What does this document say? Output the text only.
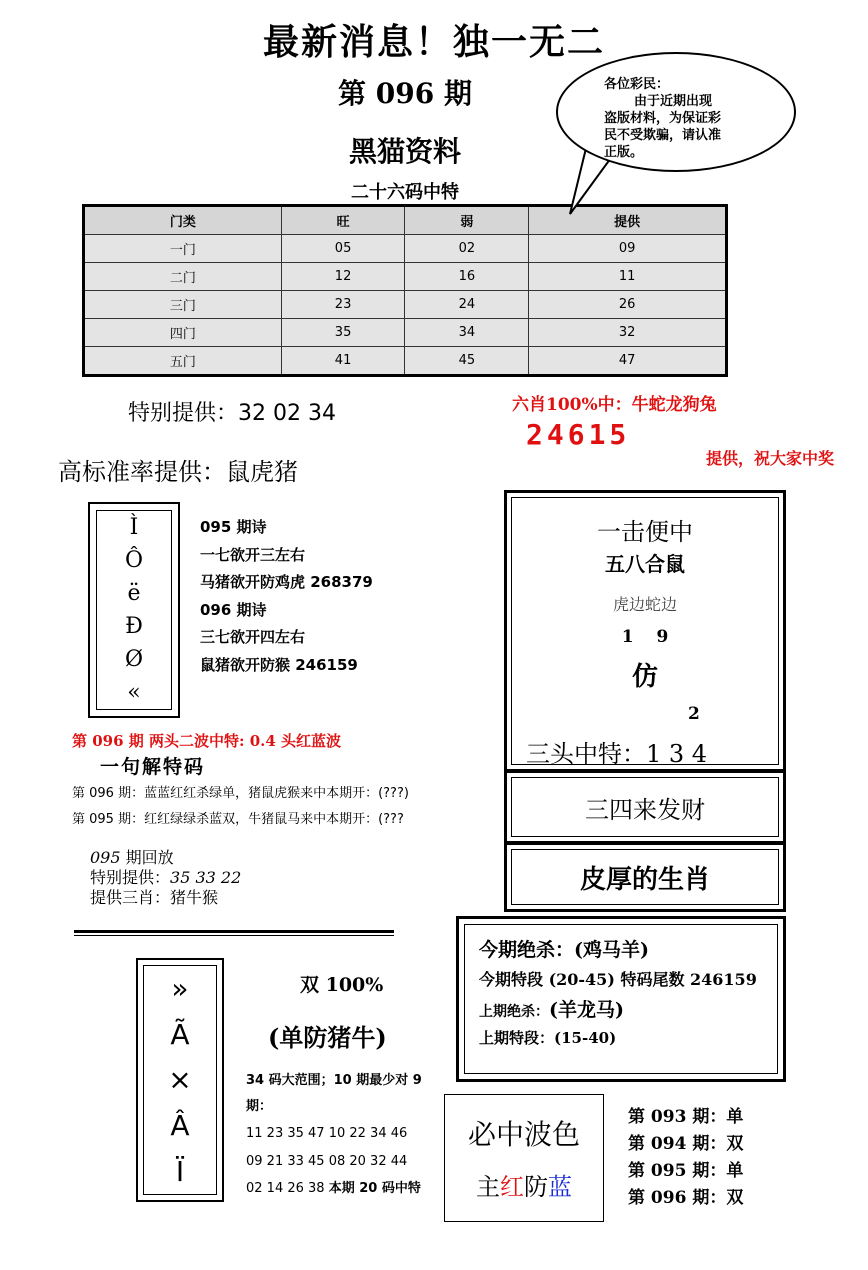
最新消息！独一无二
第 096 期
黑猫资料
二十六码中特
各位彩民：
由于近期出现
盗版材料，为保证彩
民不受欺骗，请认准
正版。
门类	旺	弱	提供
一门	05	02	09
二门	12	16	11
三门	23	24	26
四门	35	34	32
五门	41	45	47
特别提供：32 02 34	六肖100%中：牛蛇龙狗兔
24615
提供，祝大家中奖
高标准率提供：鼠虎猪
Ì
Ô
ë
Ð
Ø
«
095 期诗
一七欲开三左右
马猪欲开防鸡虎 268379
096 期诗
三七欲开四左右
鼠猪欲开防猴 246159
一击便中
五八合鼠
虎边蛇边
1　 9
仿
2
三头中特：1 3 4
三四来发财
皮厚的生肖
今期绝杀：(鸡马羊)
今期特段 (20-45) 特码尾数 246159
上期绝杀：(羊龙马)
上期特段：(15-40)
第 096 期 两头二波中特: 0.4 头红蓝波
一句解特码
第 096 期：蓝蓝红红杀绿单，猪鼠虎猴来中本期开：(???)
第 095 期：红红绿绿杀蓝双，牛猪鼠马来中本期开：(???
095 期回放
特别提供：35 33 22
提供三肖：猪牛猴
»
Ã
×
Â
Ï
双 100%
(单防猪牛)
34 码大范围；10 期最少对 9 期：
11 23 35 47 10 22 34 46
09 21 33 45 08 20 32 44
02 14 26 38 本期 20 码中特
必中波色
主红防蓝
第 093 期：单
第 094 期：双
第 095 期：单
第 096 期：双
